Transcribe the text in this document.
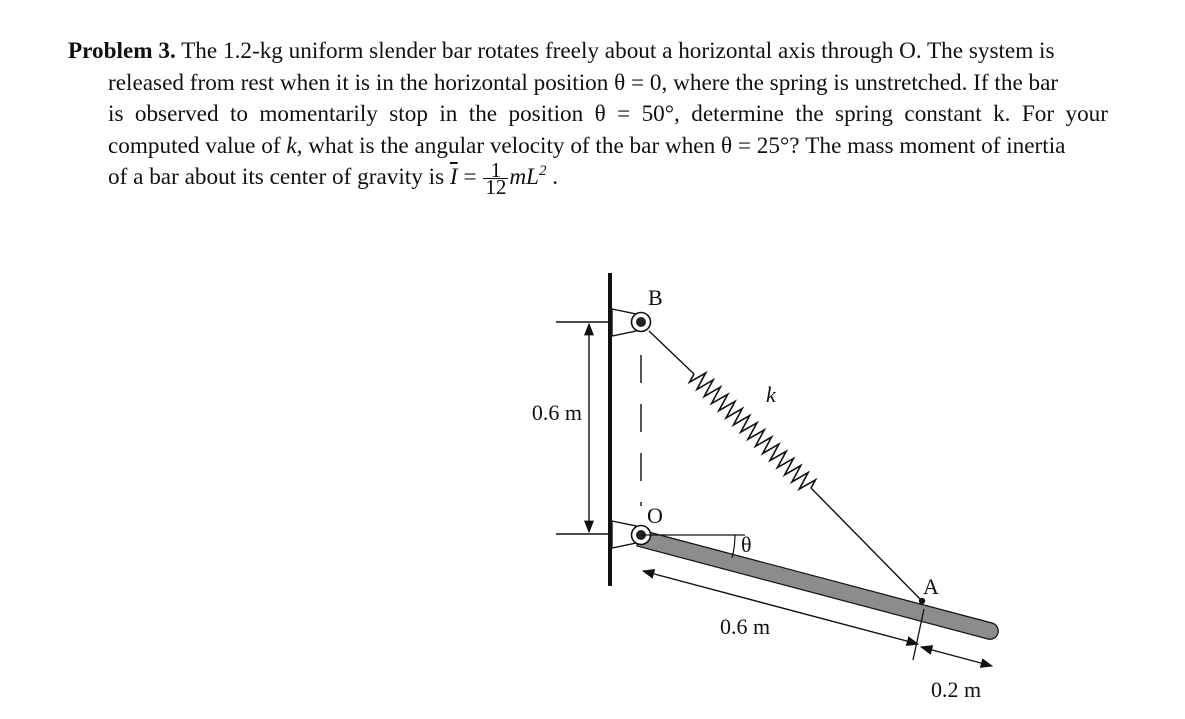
Problem 3. The 1.2-kg uniform slender bar rotates freely about a horizontal axis through O. The system is
released from rest when it is in the horizontal position θ = 0, where the spring is unstretched. If the bar
is observed to momentarily stop in the position θ = 50°, determine the spring constant k. For your
computed value of k, what is the angular velocity of the bar when θ = 25°? The mass moment of inertia
of a bar about its center of gravity is $\overline{I} = \frac{1}{12} mL^2$ .
0.6 m
B
k
O
θ
A
0.6 m
0.2 m
